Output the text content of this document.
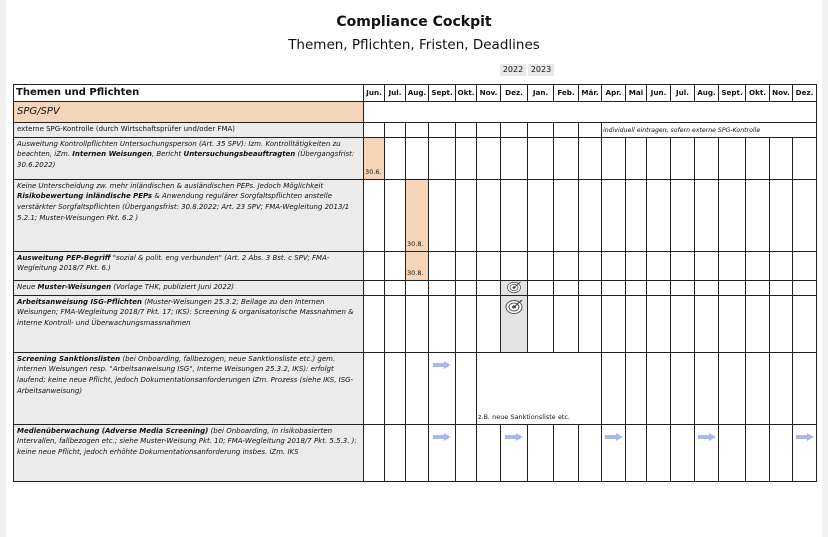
Compliance Cockpit
Themen, Pflichten, Fristen, Deadlines
2022 2023
Themen und Pflichten	Jun.	Jul.	Aug.	Sept.	Okt.	Nov.	Dez.	Jan.	Feb.	Mär.	Apr.	Mai	Jun.	Jul.	Aug.	Sept.	Okt.	Nov.	Dez.
SPG/SPV																			
externe SPG-Kontrolle (durch Wirtschaftsprüfer und/oder FMA)											individuell eintragen, sofern externe SPG-Kontrolle								

Ausweitung Kontrollpflichten Untersuchungsperson (Art. 35 SPV): Izm. Kontrolltätigkeiten zu beachten, iZm. Internen Weisungen, Bericht Untersuchungsbeauftragten (Übergangsfrist: 30.6.2022)	30.6.																		

Keine Unterscheidung zw. mehr inländischen & ausländischen PEPs. Jedoch Möglichkeit Risikobewertung inländische PEPs & Anwendung regulärer Sorgfaltspflichten anstelle verstärkter Sorgfaltspflichten (Übergangsfrist: 30.8.2022; Art. 23 SPV; FMA-Wegleitung 2013/1 5.2.1; Muster-Weisungen Pkt. 6.2 )			30.8.																

Ausweitung PEP-Begriff "sozial & polit. eng verbunden" (Art. 2 Abs. 3 Bst. c SPV; FMA-Wegleitung 2018/7 Pkt. 6.)			30.8.																

Neue Muster-Weisungen (Vorlage THK, publiziert Juni 2022)							

Arbeitsanweisung ISG-Pflichten (Muster-Weisungen 25.3.2; Beilage zu den Internen Weisungen; FMA-Wegleitung 2018/7 Pkt. 17; IKS): Screening & organisatorische Massnahmen & interne Kontroll- und Überwachungsmassnahmen							

Screening Sanktionslisten (bei Onboarding, fallbezogen, neue Sanktionsliste etc.) gem. internen Weisungen resp. "Arbeitsanweisung ISG", Interne Weisungen 25.3.2, IKS): erfolgt laufend; keine neue Pflicht, jedoch Dokumentationsanforderungen iZm. Prozess (siehe IKS, ISG-Arbeitsanweisung)						z.B. neue Sanktionsliste etc.													

Medienüberwachung (Adverse Media Screening) (bei Onboarding, in risikobasierten Intervallen, fallbezogen etc.; siehe Muster-Weisung Pkt. 10; FMA-Wegleitung 2018/7 Pkt. 5.5.3. ): keine neue Pflicht, jedoch erhöhte Dokumentationsanforderung insbes. iZm. IKS				
